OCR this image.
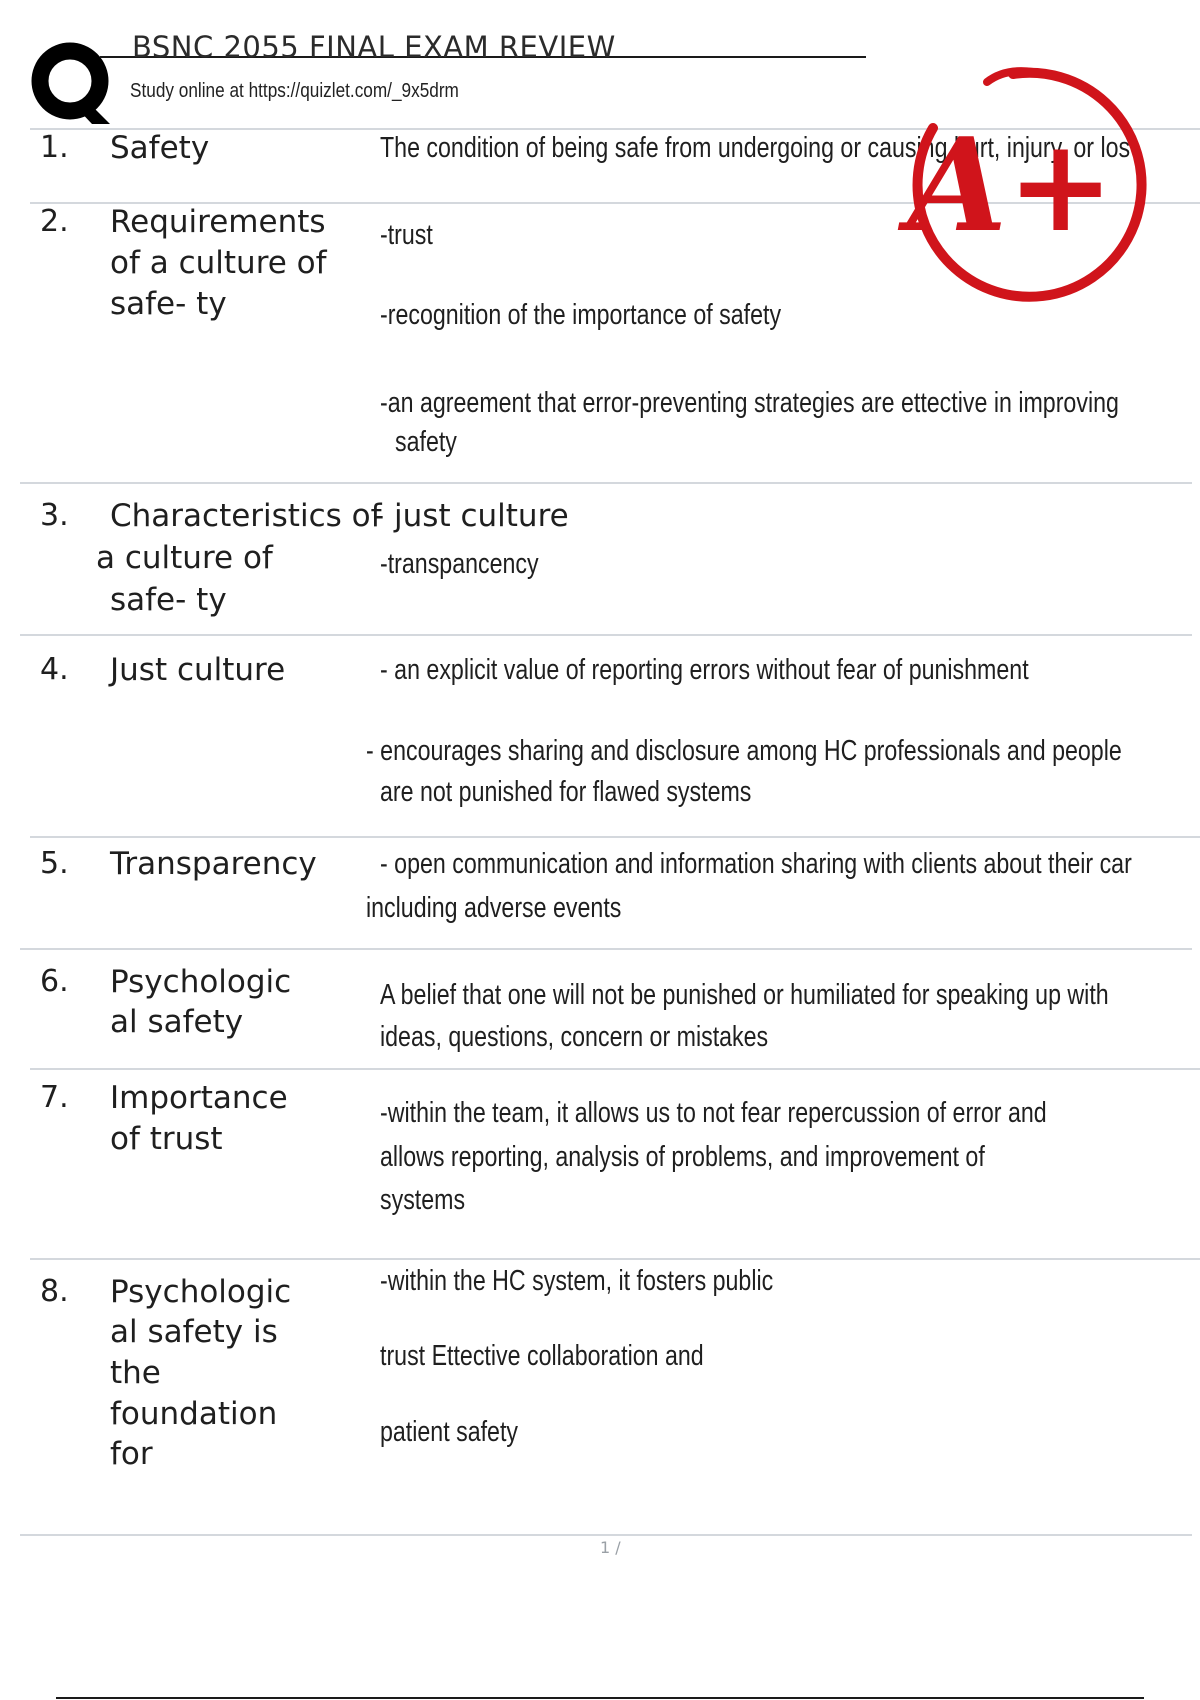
BSNC 2055 FINAL EXAM REVIEW
Study online at https://quizlet.com/_9x5drm
1. Safety	The condition of being safe from undergoing or causing hurt, injury, or los
2. Requirements
of a culture of
safe- ty
-trust
-recognition of the importance of safety
-an agreement that error-preventing strategies are ettective in improving
safety
3. Characteristics of
a culture of
safe- ty
- just culture
-transpancency
4. Just culture	- an explicit value of reporting errors without fear of punishment
- encourages sharing and disclosure among HC professionals and people
are not punished for flawed systems
5. Transparency - open communication and information sharing with clients about their car
including adverse events
6. Psychologic
al safety
A belief that one will not be punished or humiliated for speaking up with
ideas, questions, concern or mistakes
7. Importance
of trust
-within the team, it allows us to not fear repercussion of error and
allows reporting, analysis of problems, and improvement of
systems
8. Psychologic
al safety is
the
foundation
for
-within the HC system, it fosters public
trust Ettective collaboration and
patient safety
A+
1 /
